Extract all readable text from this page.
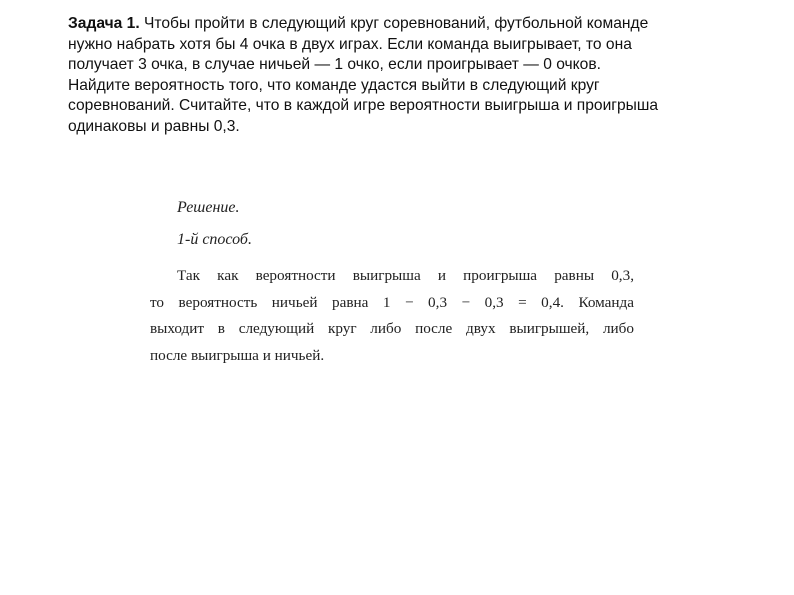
Задача 1. Чтобы пройти в следующий круг соревнований, футбольной команде
нужно набрать хотя бы 4 очка в двух играх. Если команда выигрывает, то она
получает 3 очка, в случае ничьей — 1 очко, если проигрывает — 0 очков.
Найдите вероятность того, что команде удастся выйти в следующий круг
соревнований. Считайте, что в каждой игре вероятности выигрыша и проигрыша
одинаковы и равны 0,3.
Решение.
1-й способ.
Так как вероятности выигрыша и проигрыша равны 0,3,
то вероятность ничьей равна 1 − 0,3 − 0,3 = 0,4. Команда
выходит в следующий круг либо после двух выигрышей, либо
после выигрыша и ничьей.
